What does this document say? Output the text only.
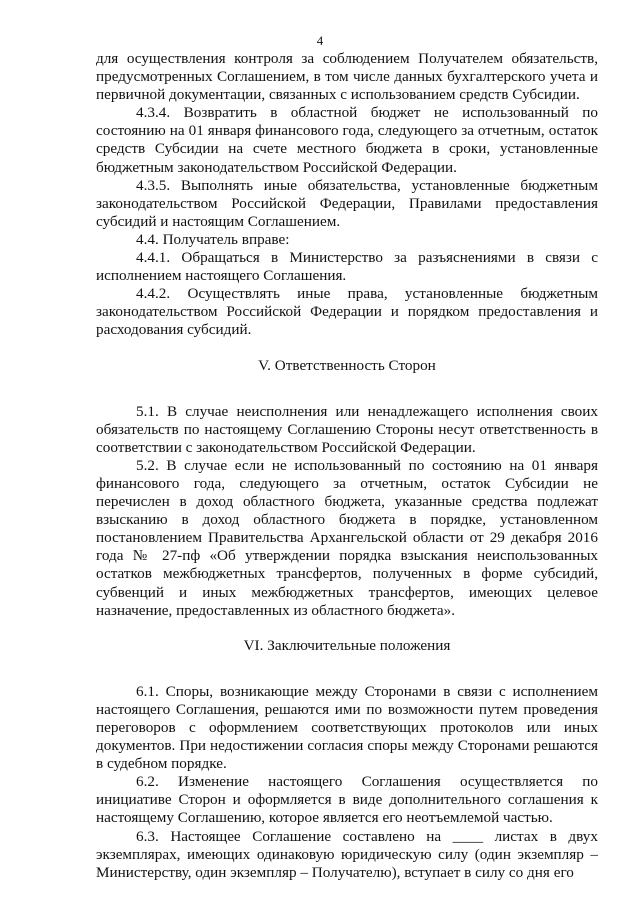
4

для осуществления контроля за соблюдением Получателем обязательств, предусмотренных Соглашением, в том числе данных бухгалтерского учета и первичной документации, связанных с использованием средств Субсидии.

4.3.4. Возвратить в областной бюджет не использованный по состоянию на 01 января финансового года, следующего за отчетным, остаток средств Субсидии на счете местного бюджета в сроки, установленные бюджетным законодательством Российской Федерации.

4.3.5. Выполнять иные обязательства, установленные бюджетным законодательством Российской Федерации, Правилами предоставления субсидий и настоящим Соглашением.

4.4. Получатель вправе:

4.4.1. Обращаться в Министерство за разъяснениями в связи с исполнением настоящего Соглашения.

4.4.2. Осуществлять иные права, установленные бюджетным законодательством Российской Федерации и порядком предоставления и расходования субсидий.

V. Ответственность Сторон

5.1. В случае неисполнения или ненадлежащего исполнения своих обязательств по настоящему Соглашению Стороны несут ответственность в соответствии с законодательством Российской Федерации.

5.2. В случае если не использованный по состоянию на 01 января финансового года, следующего за отчетным, остаток Субсидии не перечислен в доход областного бюджета, указанные средства подлежат взысканию в доход областного бюджета в порядке, установленном постановлением Правительства Архангельской области от 29 декабря 2016 года № 27-пф «Об утверждении порядка взыскания неиспользованных остатков межбюджетных трансфертов, полученных в форме субсидий, субвенций и иных межбюджетных трансфертов, имеющих целевое назначение, предоставленных из областного бюджета».

VI. Заключительные положения

6.1. Споры, возникающие между Сторонами в связи с исполнением настоящего Соглашения, решаются ими по возможности путем проведения переговоров с оформлением соответствующих протоколов или иных документов. При недостижении согласия споры между Сторонами решаются в судебном порядке.

6.2. Изменение настоящего Соглашения осуществляется по инициативе Сторон и оформляется в виде дополнительного соглашения к настоящему Соглашению, которое является его неотъемлемой частью.

6.3. Настоящее Соглашение составлено на ____ листах в двух экземплярах, имеющих одинаковую юридическую силу (один экземпляр – Министерству, один экземпляр – Получателю), вступает в силу со дня его
